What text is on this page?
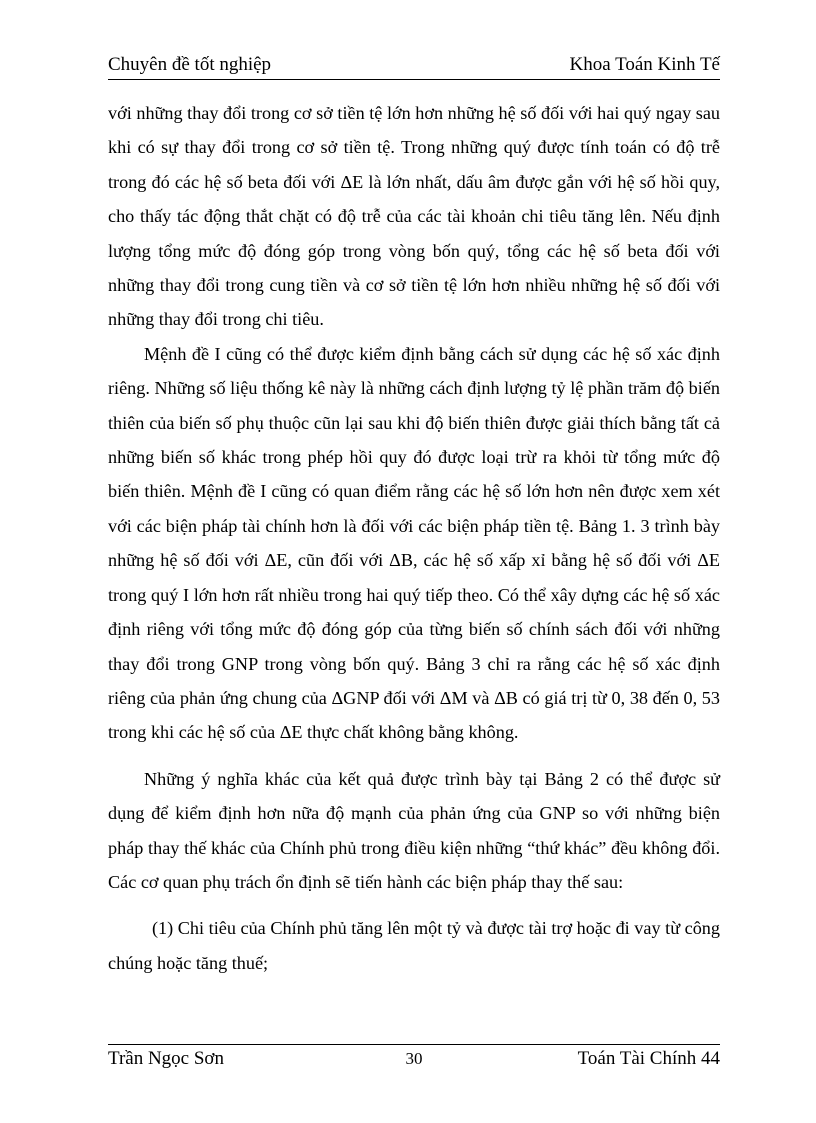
Chuyên đề tốt nghiệp	Khoa Toán Kinh Tế

với những thay đổi trong cơ sở tiền tệ lớn hơn những hệ số đối với hai quý ngay sau khi có sự thay đổi trong cơ sở tiền tệ. Trong những quý được tính toán có độ trễ trong đó các hệ số beta đối với ΔE là lớn nhất, dấu âm được gắn với hệ số hồi quy, cho thấy tác động thắt chặt có độ trễ của các tài khoản chi tiêu tăng lên. Nếu định lượng tổng mức độ đóng góp trong vòng bốn quý, tổng các hệ số beta đối với những thay đổi trong cung tiền và cơ sở tiền tệ lớn hơn nhiều những hệ số đối với những thay đổi trong chi tiêu.

Mệnh đề I cũng có thể được kiểm định bằng cách sử dụng các hệ số xác định riêng. Những số liệu thống kê này là những cách định lượng tỷ lệ phần trăm độ biến thiên của biến số phụ thuộc cũn lại sau khi độ biến thiên được giải thích bằng tất cả những biến số khác trong phép hồi quy đó được loại trừ ra khỏi từ tổng mức độ biến thiên. Mệnh đề I cũng có quan điểm rằng các hệ số lớn hơn nên được xem xét với các biện pháp tài chính hơn là đối với các biện pháp tiền tệ. Bảng 1. 3 trình bày những hệ số đối với ΔE, cũn đối với ΔB, các hệ số xấp xỉ bằng hệ số đối với ΔE trong quý I lớn hơn rất nhiều trong hai quý tiếp theo. Có thể xây dựng các hệ số xác định riêng với tổng mức độ đóng góp của từng biến số chính sách đối với những thay đổi trong GNP trong vòng bốn quý. Bảng 3 chỉ ra rằng các hệ số xác định riêng của phản ứng chung của ΔGNP đối với ΔM và ΔB có giá trị từ 0, 38 đến 0, 53 trong khi các hệ số của ΔE thực chất không bằng không.

Những ý nghĩa khác của kết quả được trình bày tại Bảng 2 có thể được sử dụng để kiểm định hơn nữa độ mạnh của phản ứng của GNP so với những biện pháp thay thế khác của Chính phủ trong điều kiện những “thứ khác” đều không đổi. Các cơ quan phụ trách ổn định sẽ tiến hành các biện pháp thay thế sau:

(1) Chi tiêu của Chính phủ tăng lên một tỷ và được tài trợ hoặc đi vay từ công chúng hoặc tăng thuế;

Trần Ngọc Sơn	30	Toán Tài Chính 44
